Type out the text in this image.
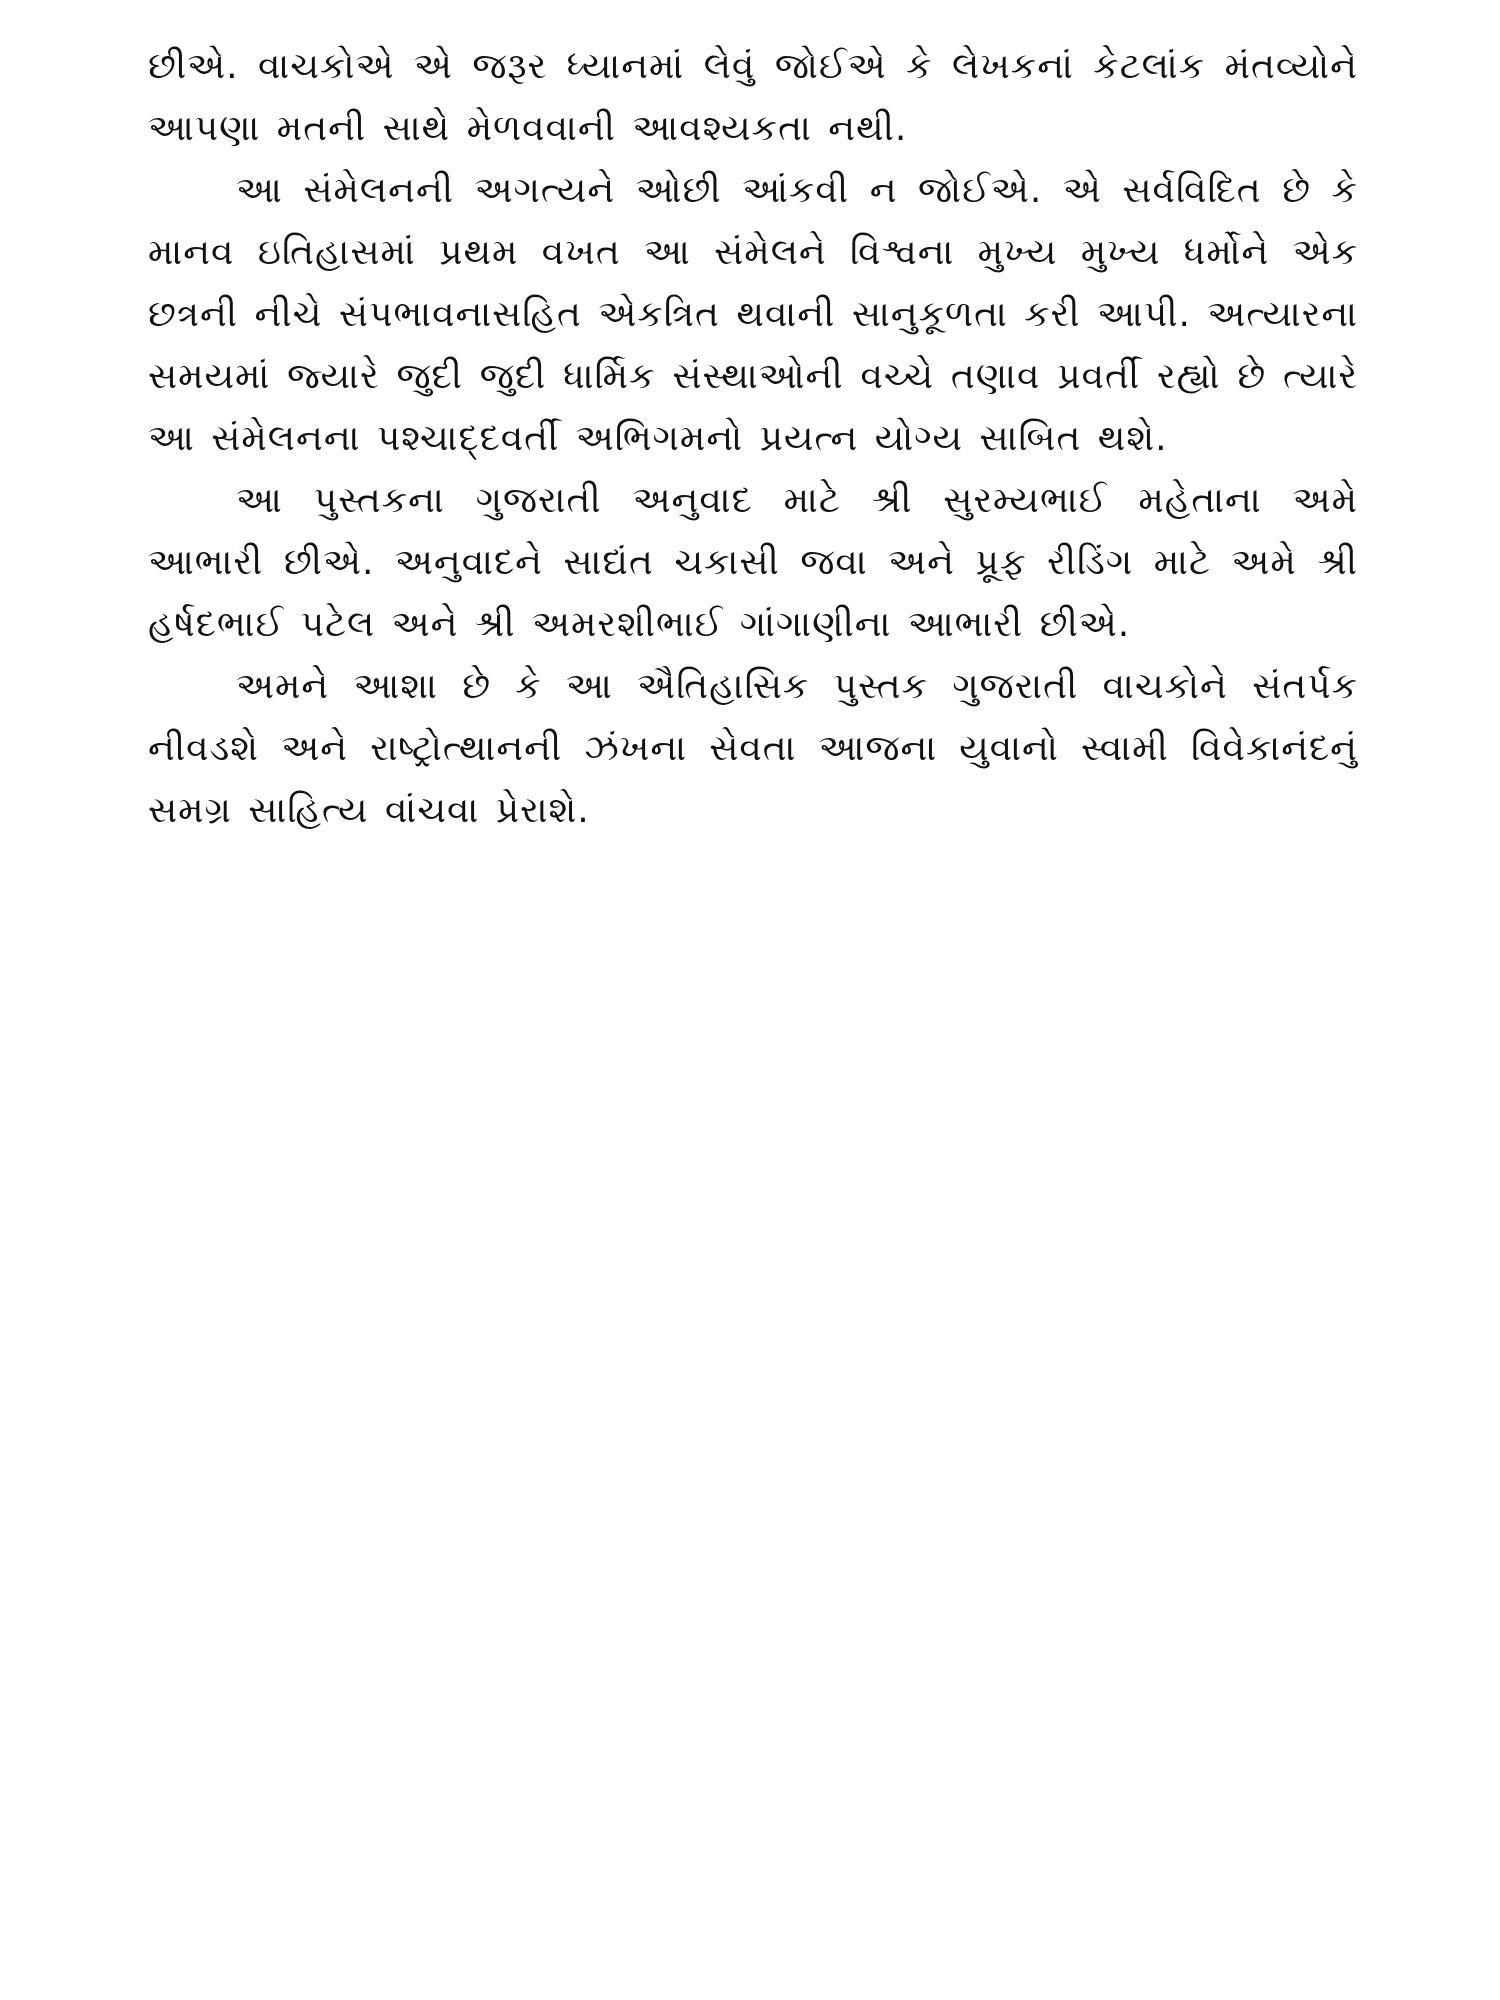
છીએ. વાચકોએ એ જરૂર ધ્યાનમાં લેવું જોઈએ કે લેખકનાં કેટલાંક મંતવ્યોને આપણા મતની સાથે મેળવવાની આવશ્યકતા નથી.

આ સંમેલનની અગત્યને ઓછી આંકવી ન જોઈએ. એ સર્વવિદિત છે કે માનવ ઇતિહાસમાં પ્રથમ વખત આ સંમેલને વિશ્વના મુખ્ય મુખ્ય ધર્મોને એક છત્રની નીચે સંપભાવનાસહિત એકત્રિત થવાની સાનુકૂળતા કરી આપી. અત્યારના સમયમાં જ્યારે જુદી જુદી ધાર્મિક સંસ્થાઓની વચ્ચે તણાવ પ્રવર્તી રહ્યો છે ત્યારે આ સંમેલનના પશ્ચાદ્દવર્તી અભિગમનો પ્રયત્ન યોગ્ય સાબિત થશે.

આ પુસ્તકના ગુજરાતી અનુવાદ માટે શ્રી સુરમ્યભાઈ મહેતાના અમે આભારી છીએ. અનુવાદને સાદ્યંત ચકાસી જવા અને પ્રૂફ રીડિંગ માટે અમે શ્રી હર્ષદભાઈ પટેલ અને શ્રી અમરશીભાઈ ગાંગાણીના આભારી છીએ.

અમને આશા છે કે આ ઐતિહાસિક પુસ્તક ગુજરાતી વાચકોને સંતર્પક નીવડશે અને રાષ્ટ્રોત્થાનની ઝંખના સેવતા આજના યુવાનો સ્વામી વિવેકાનંદનું સમગ્ર સાહિત્ય વાંચવા પ્રેરાશે.
